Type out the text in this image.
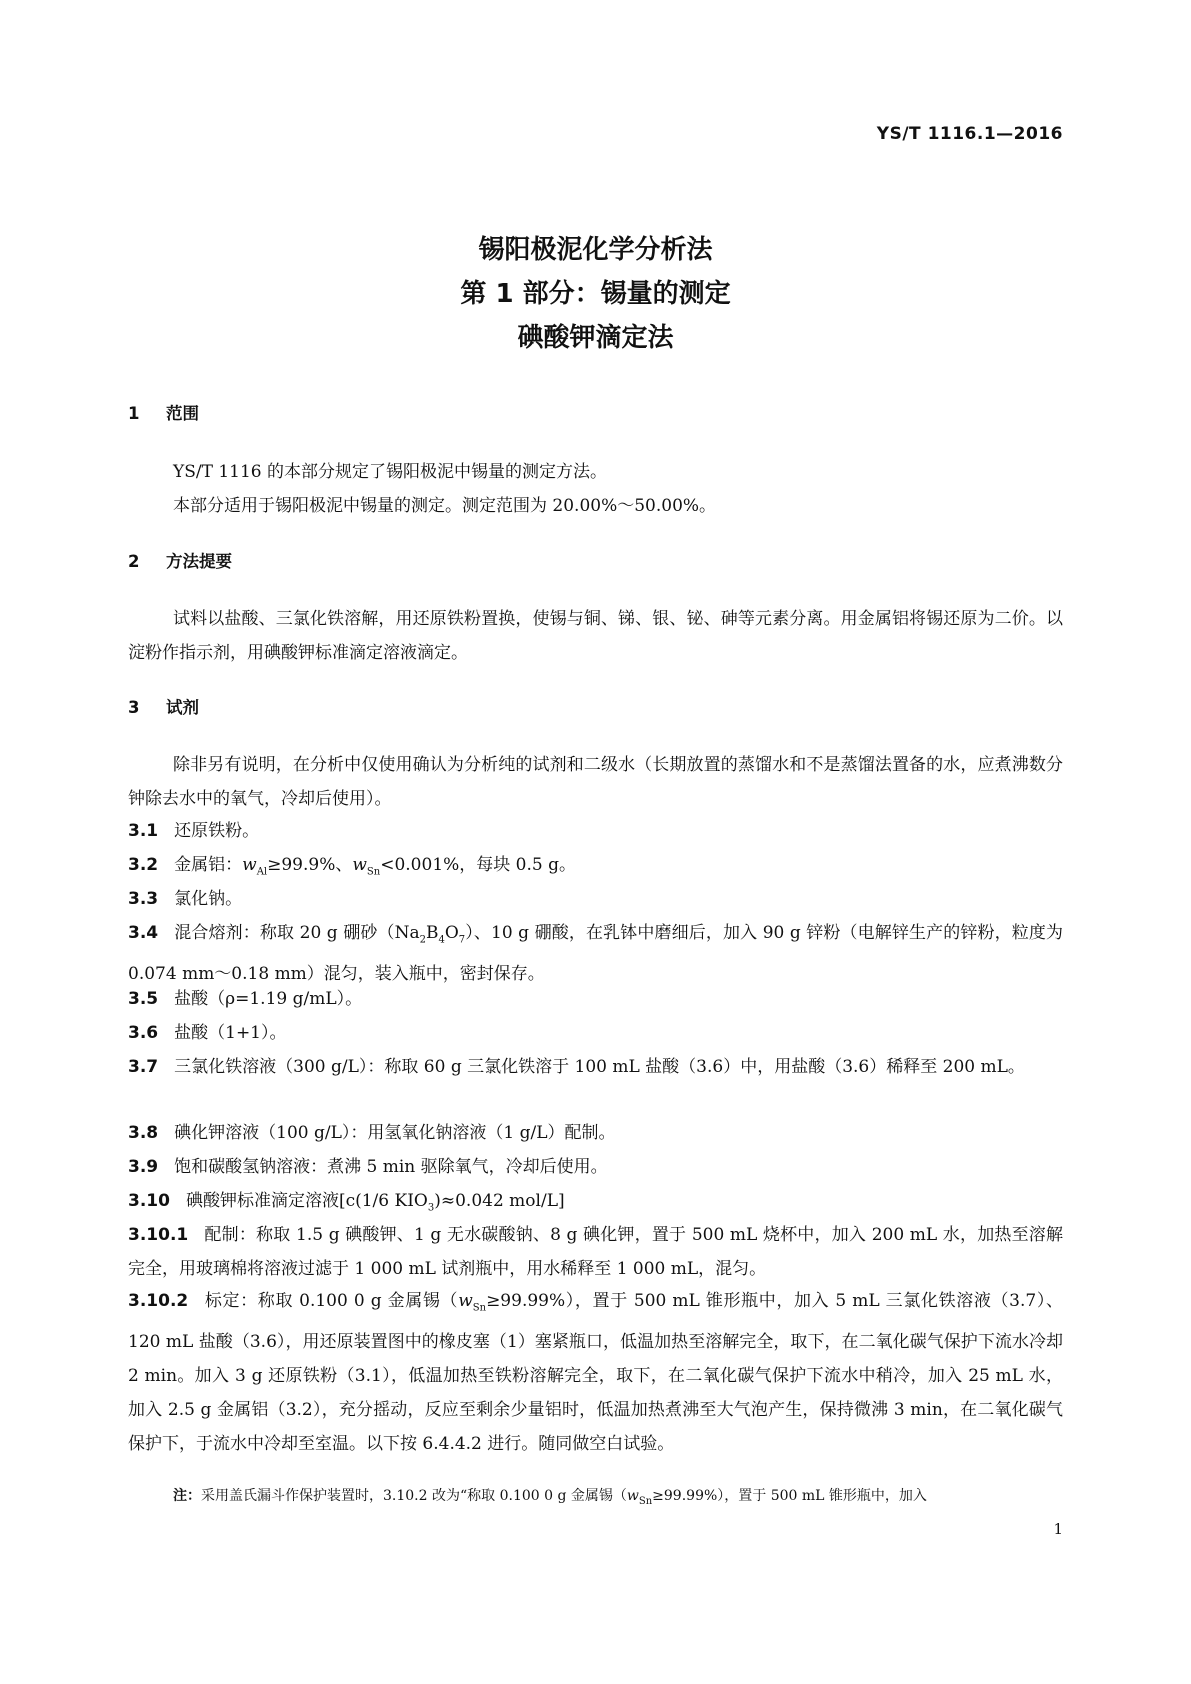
YS/T 1116.1—2016
锡阳极泥化学分析法
第 1 部分：锡量的测定
碘酸钾滴定法
1 范围
YS/T 1116 的本部分规定了锡阳极泥中锡量的测定方法。
本部分适用于锡阳极泥中锡量的测定。测定范围为 20.00%～50.00%。
2 方法提要
试料以盐酸、三氯化铁溶解，用还原铁粉置换，使锡与铜、锑、银、铋、砷等元素分离。用金属铝将锡还原为二价。以淀粉作指示剂，用碘酸钾标准滴定溶液滴定。
3 试剂
除非另有说明，在分析中仅使用确认为分析纯的试剂和二级水（长期放置的蒸馏水和不是蒸馏法置备的水，应煮沸数分钟除去水中的氧气，冷却后使用）。
3.1 还原铁粉。
3.2 金属铝：$w_{Al}\ge 99.9\%$、$w_{Sn}<0.001\%$，每块 0.5 g。
3.3 氯化钠。
3.4 混合熔剂：称取 20 g 硼砂$(Na_2B_4O_7)$、10 g 硼酸，在乳钵中磨细后，加入 90 g 锌粉（电解锌生产的锌粉，粒度为 0.074 mm～0.18 mm）混匀，装入瓶中，密封保存。
3.5 盐酸（ρ=1.19 g/mL）。
3.6 盐酸（1+1）。
3.7 三氯化铁溶液（300 g/L）：称取 60 g 三氯化铁溶于 100 mL 盐酸（3.6）中，用盐酸（3.6）稀释至 200 mL。
3.8 碘化钾溶液（100 g/L）：用氢氧化钠溶液（1 g/L）配制。
3.9 饱和碳酸氢钠溶液：煮沸 5 min 驱除氧气，冷却后使用。
3.10 碘酸钾标准滴定溶液[c(1/6 $KIO_3)\approx 0.042$ mol/L]
3.10.1 配制：称取 1.5 g 碘酸钾、1 g 无水碳酸钠、8 g 碘化钾，置于 500 mL 烧杯中，加入 200 mL 水，加热至溶解完全，用玻璃棉将溶液过滤于 1 000 mL 试剂瓶中，用水稀释至 1 000 mL，混匀。
3.10.2 标定：称取 0.100 0 g 金属锡$(w_{Sn}\ge 99.99\%)$，置于 500 mL 锥形瓶中，加入 5 mL 三氯化铁溶液（3.7）、120 mL 盐酸（3.6），用还原装置图中的橡皮塞（1）塞紧瓶口，低温加热至溶解完全，取下，在二氧化碳气保护下流水冷却 2 min。加入 3 g 还原铁粉（3.1），低温加热至铁粉溶解完全，取下，在二氧化碳气保护下流水中稍冷，加入 25 mL 水，加入 2.5 g 金属铝（3.2），充分摇动，反应至剩余少量铝时，低温加热煮沸至大气泡产生，保持微沸 3 min，在二氧化碳气保护下，于流水中冷却至室温。以下按 6.4.4.2 进行。随同做空白试验。
注：采用盖氏漏斗作保护装置时，3.10.2 改为“称取 0.100 0 g 金属锡$(w_{Sn}\ge 99.99\%)$，置于 500 mL 锥形瓶中，加入
1
